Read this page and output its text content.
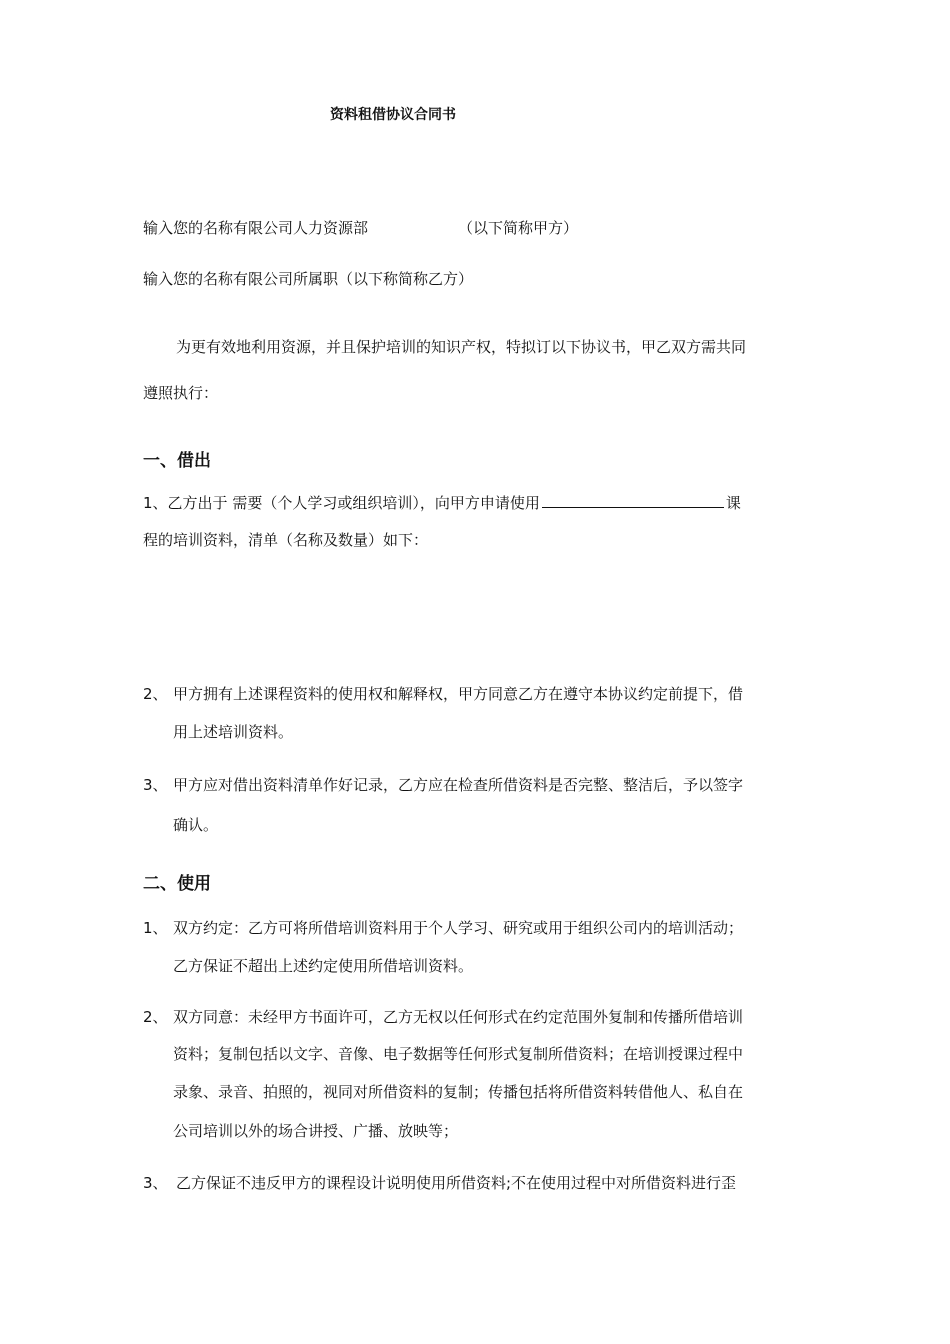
资料租借协议合同书
输入您的名称有限公司人力资源部	（以下简称甲方）
输入您的名称有限公司所属职（以下称简称乙方）
为更有效地利用资源，并且保护培训的知识产权，特拟订以下协议书，甲乙双方需共同
遵照执行：
一、借出
1、乙方出于 需要（个人学习或组织培训），向甲方申请使用	课
程的培训资料，清单（名称及数量）如下：
2、 甲方拥有上述课程资料的使用权和解释权，甲方同意乙方在遵守本协议约定前提下，借
用上述培训资料。
3、 甲方应对借出资料清单作好记录，乙方应在检查所借资料是否完整、整洁后，予以签字
确认。
二、使用
1、 双方约定：乙方可将所借培训资料用于个人学习、研究或用于组织公司内的培训活动；
乙方保证不超出上述约定使用所借培训资料。
2、 双方同意：未经甲方书面许可，乙方无权以任何形式在约定范围外复制和传播所借培训
资料；复制包括以文字、音像、电子数据等任何形式复制所借资料；在培训授课过程中
录象、录音、拍照的，视同对所借资料的复制；传播包括将所借资料转借他人、私自在
公司培训以外的场合讲授、广播、放映等；
3、 乙方保证不违反甲方的课程设计说明使用所借资料;不在使用过程中对所借资料进行歪
